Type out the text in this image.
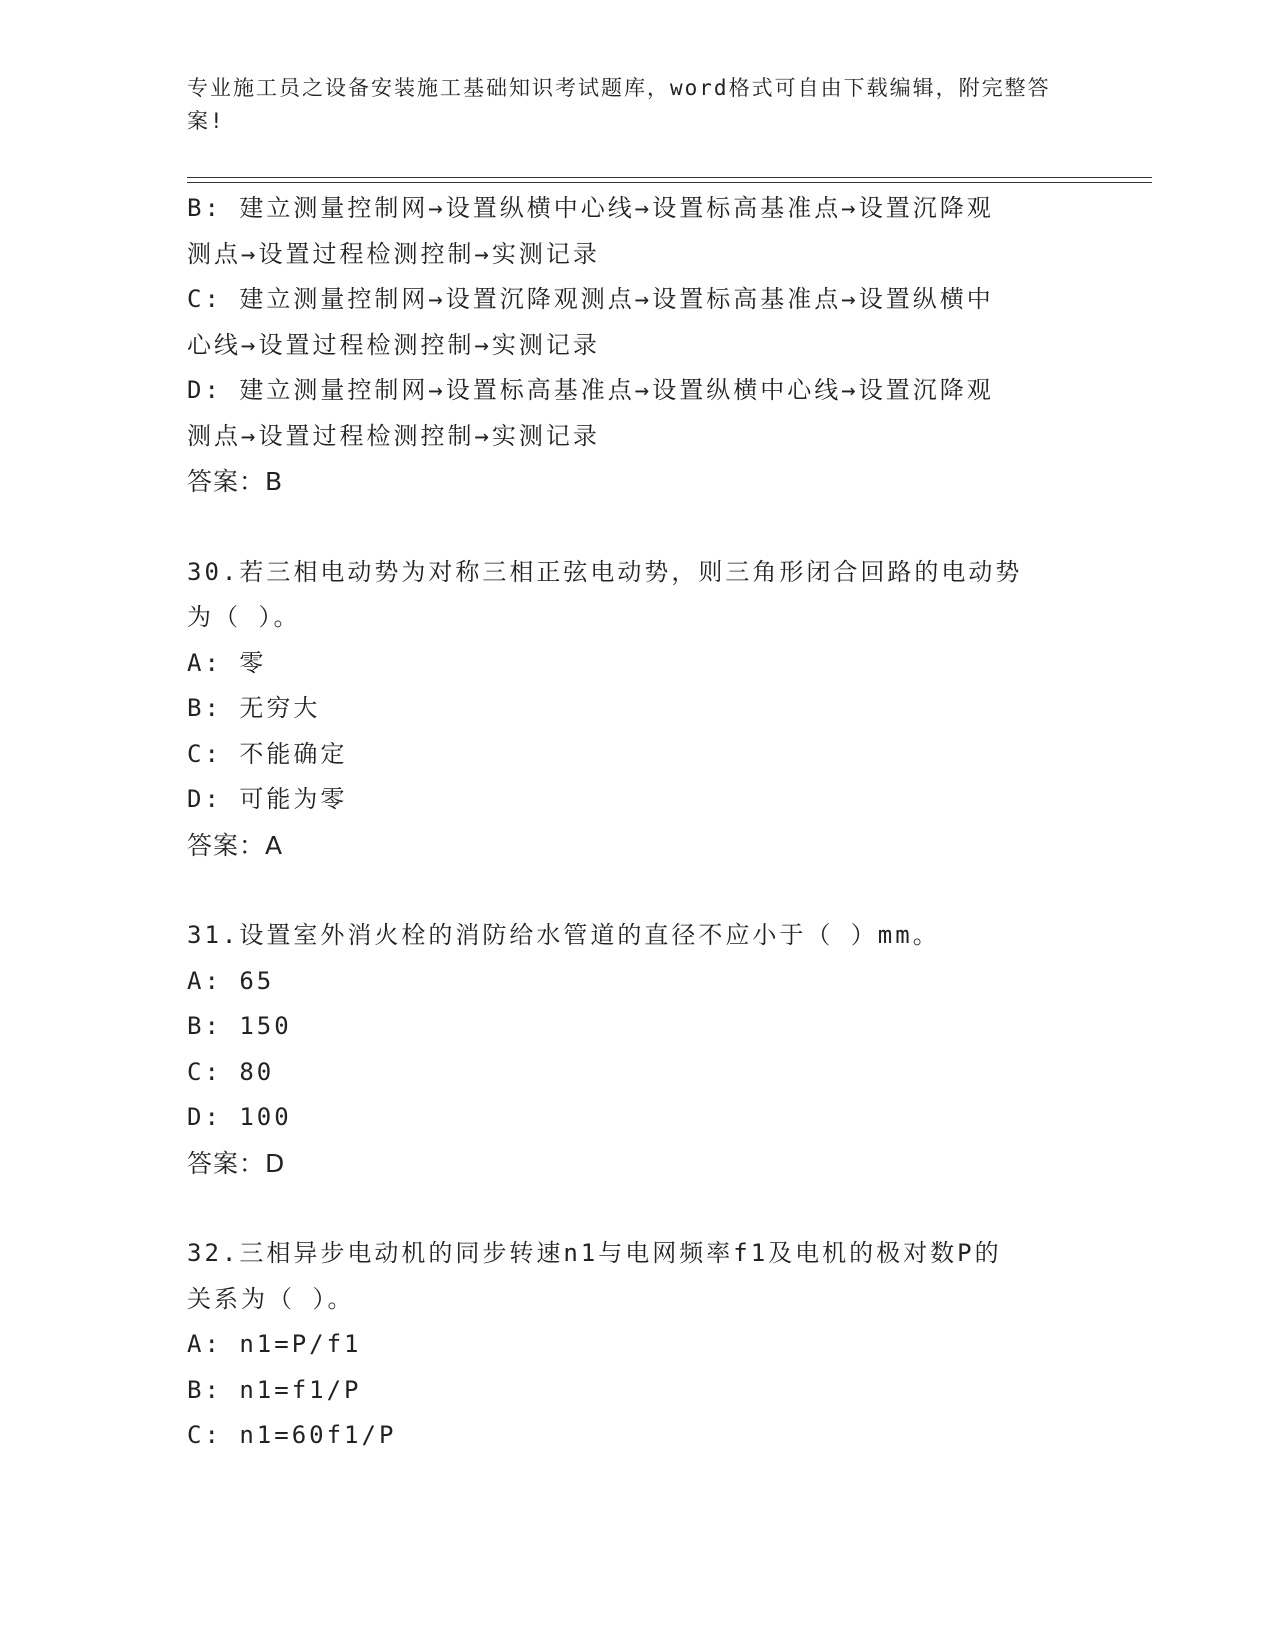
专业施工员之设备安装施工基础知识考试题库，word格式可自由下载编辑，附完整答案!
B: 建立测量控制网→设置纵横中心线→设置标高基准点→设置沉降观
测点→设置过程检测控制→实测记录
C: 建立测量控制网→设置沉降观测点→设置标高基准点→设置纵横中
心线→设置过程检测控制→实测记录
D: 建立测量控制网→设置标高基准点→设置纵横中心线→设置沉降观
测点→设置过程检测控制→实测记录
答案：B
30.若三相电动势为对称三相正弦电动势，则三角形闭合回路的电动势
为（ ）。
A: 零
B: 无穷大
C: 不能确定
D: 可能为零
答案：A
31.设置室外消火栓的消防给水管道的直径不应小于（ ）mm。
A: 65
B: 150
C: 80
D: 100
答案：D
32.三相异步电动机的同步转速n1与电网频率f1及电机的极对数P的
关系为（ ）。
A: n1=P/f1
B: n1=f1/P
C: n1=60f1/P
